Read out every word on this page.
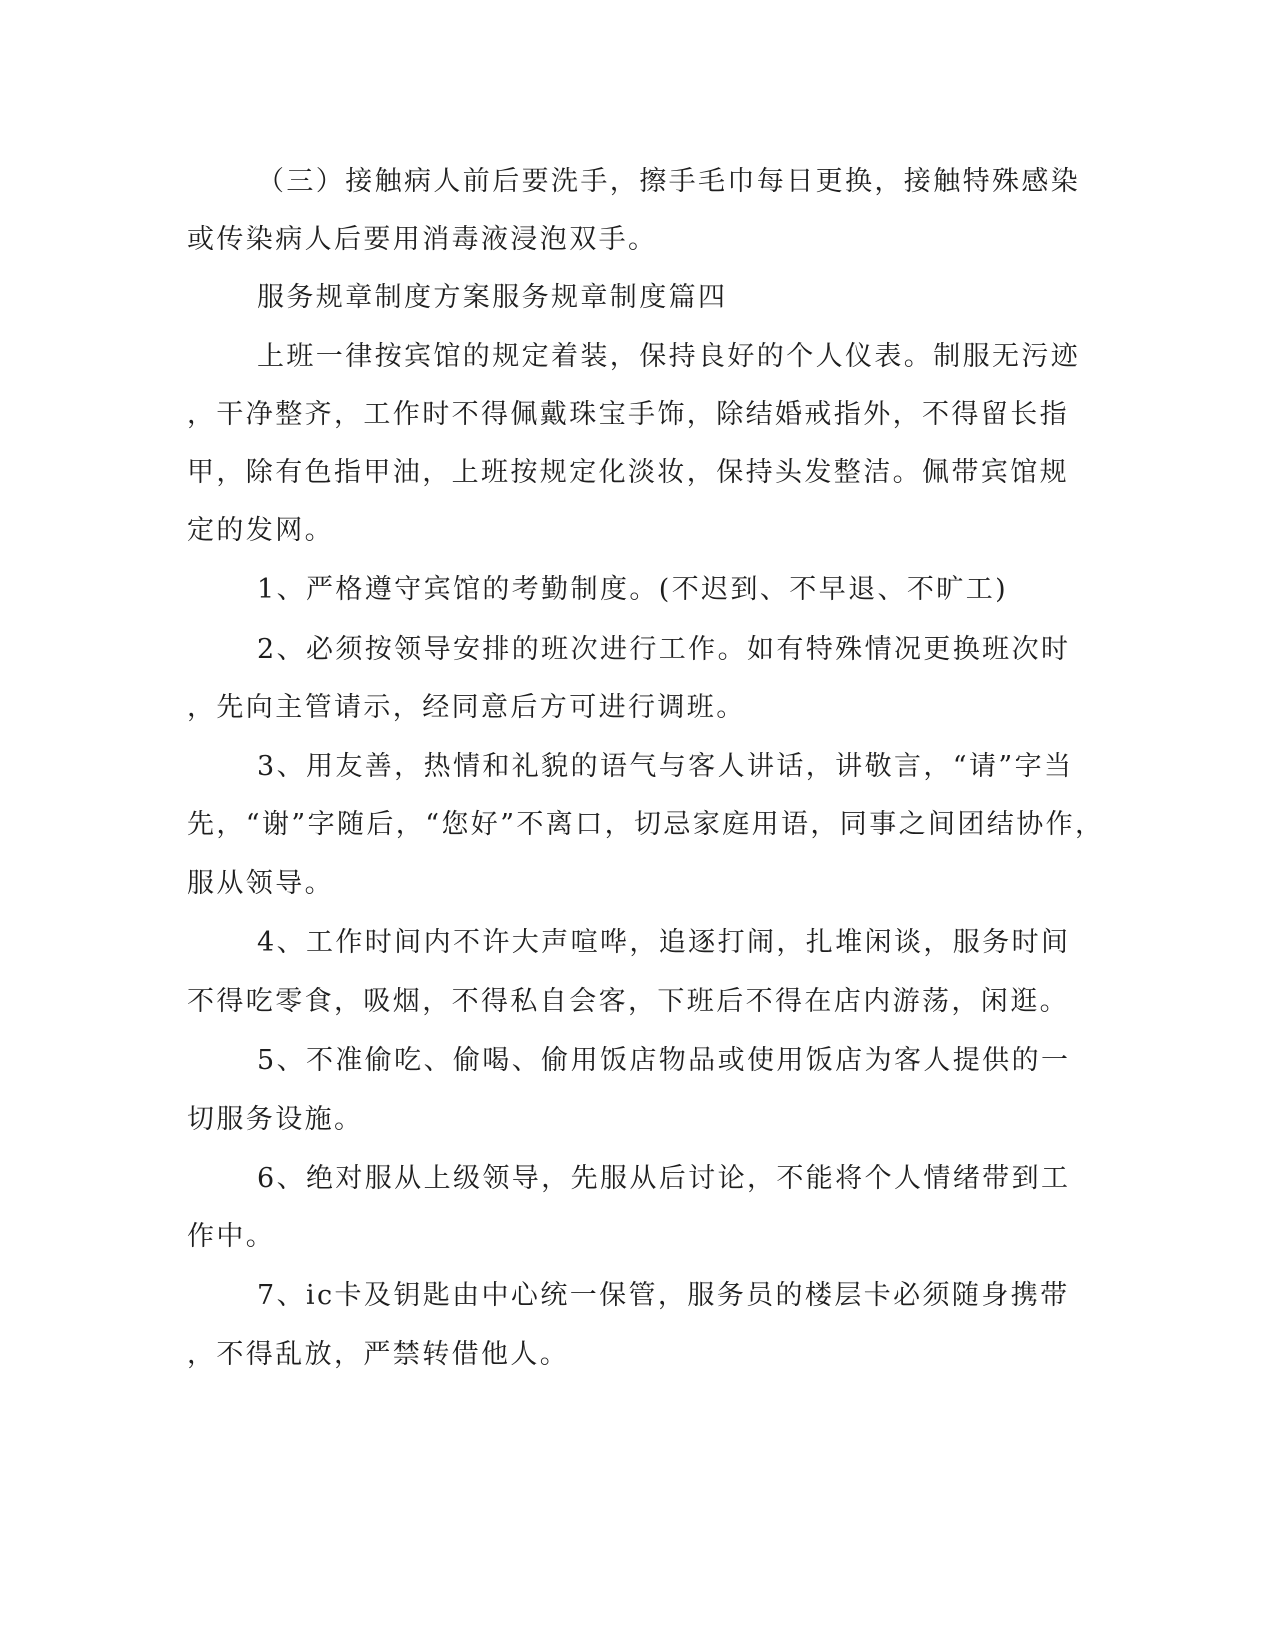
（三）接触病人前后要洗手，擦手毛巾每日更换，接触特殊感染

或传染病人后要用消毒液浸泡双手。

服务规章制度方案服务规章制度篇四

上班一律按宾馆的规定着装，保持良好的个人仪表。制服无污迹

，干净整齐，工作时不得佩戴珠宝手饰，除结婚戒指外，不得留长指

甲，除有色指甲油，上班按规定化淡妆，保持头发整洁。佩带宾馆规

定的发网。

1、严格遵守宾馆的考勤制度。(不迟到、不早退、不旷工)

2、必须按领导安排的班次进行工作。如有特殊情况更换班次时

，先向主管请示，经同意后方可进行调班。

3、用友善，热情和礼貌的语气与客人讲话，讲敬言，“请”字当

先，“谢”字随后，“您好”不离口，切忌家庭用语，同事之间团结协作，

服从领导。

4、工作时间内不许大声喧哗，追逐打闹，扎堆闲谈，服务时间

不得吃零食，吸烟，不得私自会客，下班后不得在店内游荡，闲逛。

5、不准偷吃、偷喝、偷用饭店物品或使用饭店为客人提供的一

切服务设施。

6、绝对服从上级领导，先服从后讨论，不能将个人情绪带到工

作中。

7、ic卡及钥匙由中心统一保管，服务员的楼层卡必须随身携带

，不得乱放，严禁转借他人。
